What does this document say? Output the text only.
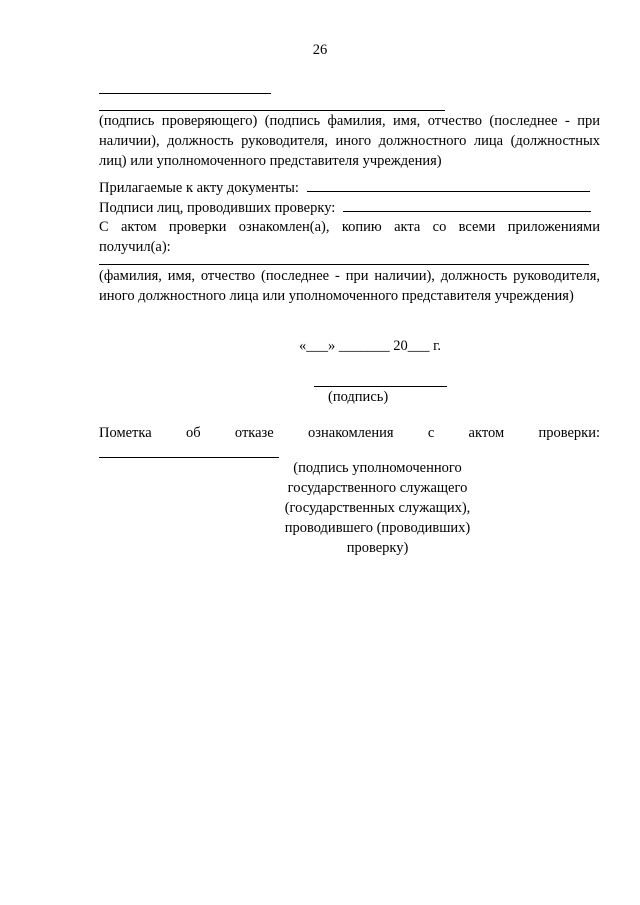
26
(подпись проверяющего) (подпись фамилия, имя, отчество (последнее - при наличии), должность руководителя, иного должностного лица (должностных лиц) или уполномоченного представителя учреждения)
Прилагаемые к акту документы:
Подписи лиц, проводивших проверку:
С актом проверки ознакомлен(а), копию акта со всеми приложениями получил(а):
(фамилия, имя, отчество (последнее - при наличии), должность руководителя, иного должностного лица или уполномоченного представителя учреждения)
«___» _______ 20___ г.
(подпись)
Пометка об отказе ознакомления с актом проверки:
(подпись уполномоченного
государственного служащего
(государственных служащих),
проводившего (проводивших)
проверку)
